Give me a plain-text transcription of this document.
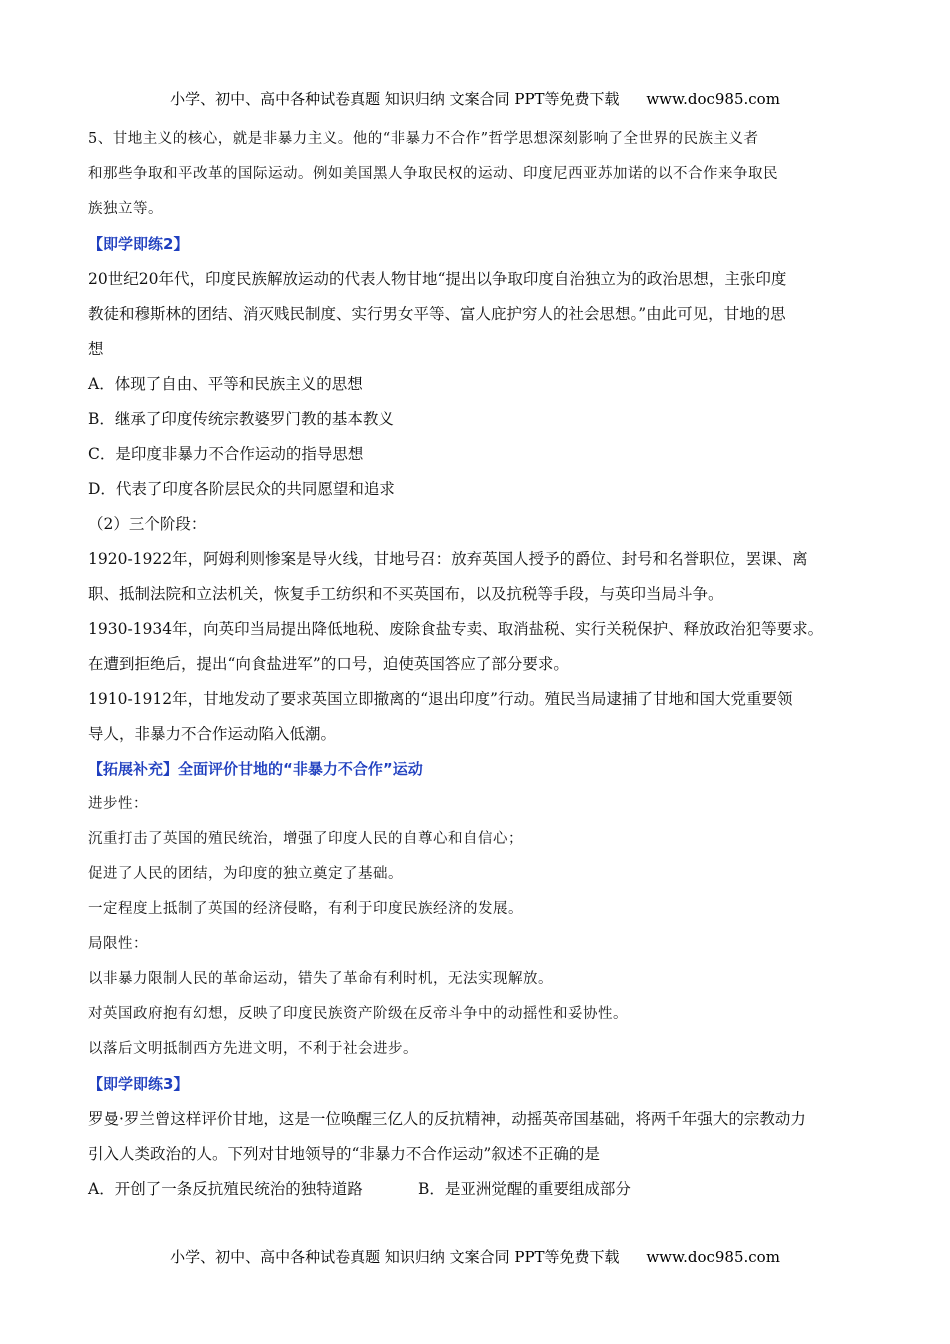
小学、初中、高中各种试卷真题 知识归纳 文案合同 PPT等免费下载 www.doc985.com

5、甘地主义的核心，就是非暴力主义。他的“非暴力不合作”哲学思想深刻影响了全世界的民族主义者

和那些争取和平改革的国际运动。例如美国黑人争取民权的运动、印度尼西亚苏加诺的以不合作来争取民

族独立等。

【即学即练2】

20世纪20年代，印度民族解放运动的代表人物甘地“提出以争取印度自治独立为的政治思想，主张印度

教徒和穆斯林的团结、消灭贱民制度、实行男女平等、富人庇护穷人的社会思想。”由此可见，甘地的思

想

A．体现了自由、平等和民族主义的思想

B．继承了印度传统宗教婆罗门教的基本教义

C．是印度非暴力不合作运动的指导思想

D．代表了印度各阶层民众的共同愿望和追求

（2）三个阶段：

1920-1922年，阿姆利则惨案是导火线，甘地号召：放弃英国人授予的爵位、封号和名誉职位，罢课、离

职、抵制法院和立法机关，恢复手工纺织和不买英国布，以及抗税等手段，与英印当局斗争。

1930-1934年，向英印当局提出降低地税、废除食盐专卖、取消盐税、实行关税保护、释放政治犯等要求。

在遭到拒绝后，提出“向食盐进军”的口号，迫使英国答应了部分要求。

1910-1912年，甘地发动了要求英国立即撤离的“退出印度”行动。殖民当局逮捕了甘地和国大党重要领

导人，非暴力不合作运动陷入低潮。

【拓展补充】全面评价甘地的“非暴力不合作”运动

进步性：

沉重打击了英国的殖民统治，增强了印度人民的自尊心和自信心；

促进了人民的团结，为印度的独立奠定了基础。

一定程度上抵制了英国的经济侵略，有利于印度民族经济的发展。

局限性：

以非暴力限制人民的革命运动，错失了革命有利时机，无法实现解放。

对英国政府抱有幻想，反映了印度民族资产阶级在反帝斗争中的动摇性和妥协性。

以落后文明抵制西方先进文明，不利于社会进步。

【即学即练3】

罗曼·罗兰曾这样评价甘地，这是一位唤醒三亿人的反抗精神，动摇英帝国基础，将两千年强大的宗教动力

引入人类政治的人。下列对甘地领导的“非暴力不合作运动”叙述不正确的是

A．开创了一条反抗殖民统治的独特道路	B．是亚洲觉醒的重要组成部分

小学、初中、高中各种试卷真题 知识归纳 文案合同 PPT等免费下载 www.doc985.com
